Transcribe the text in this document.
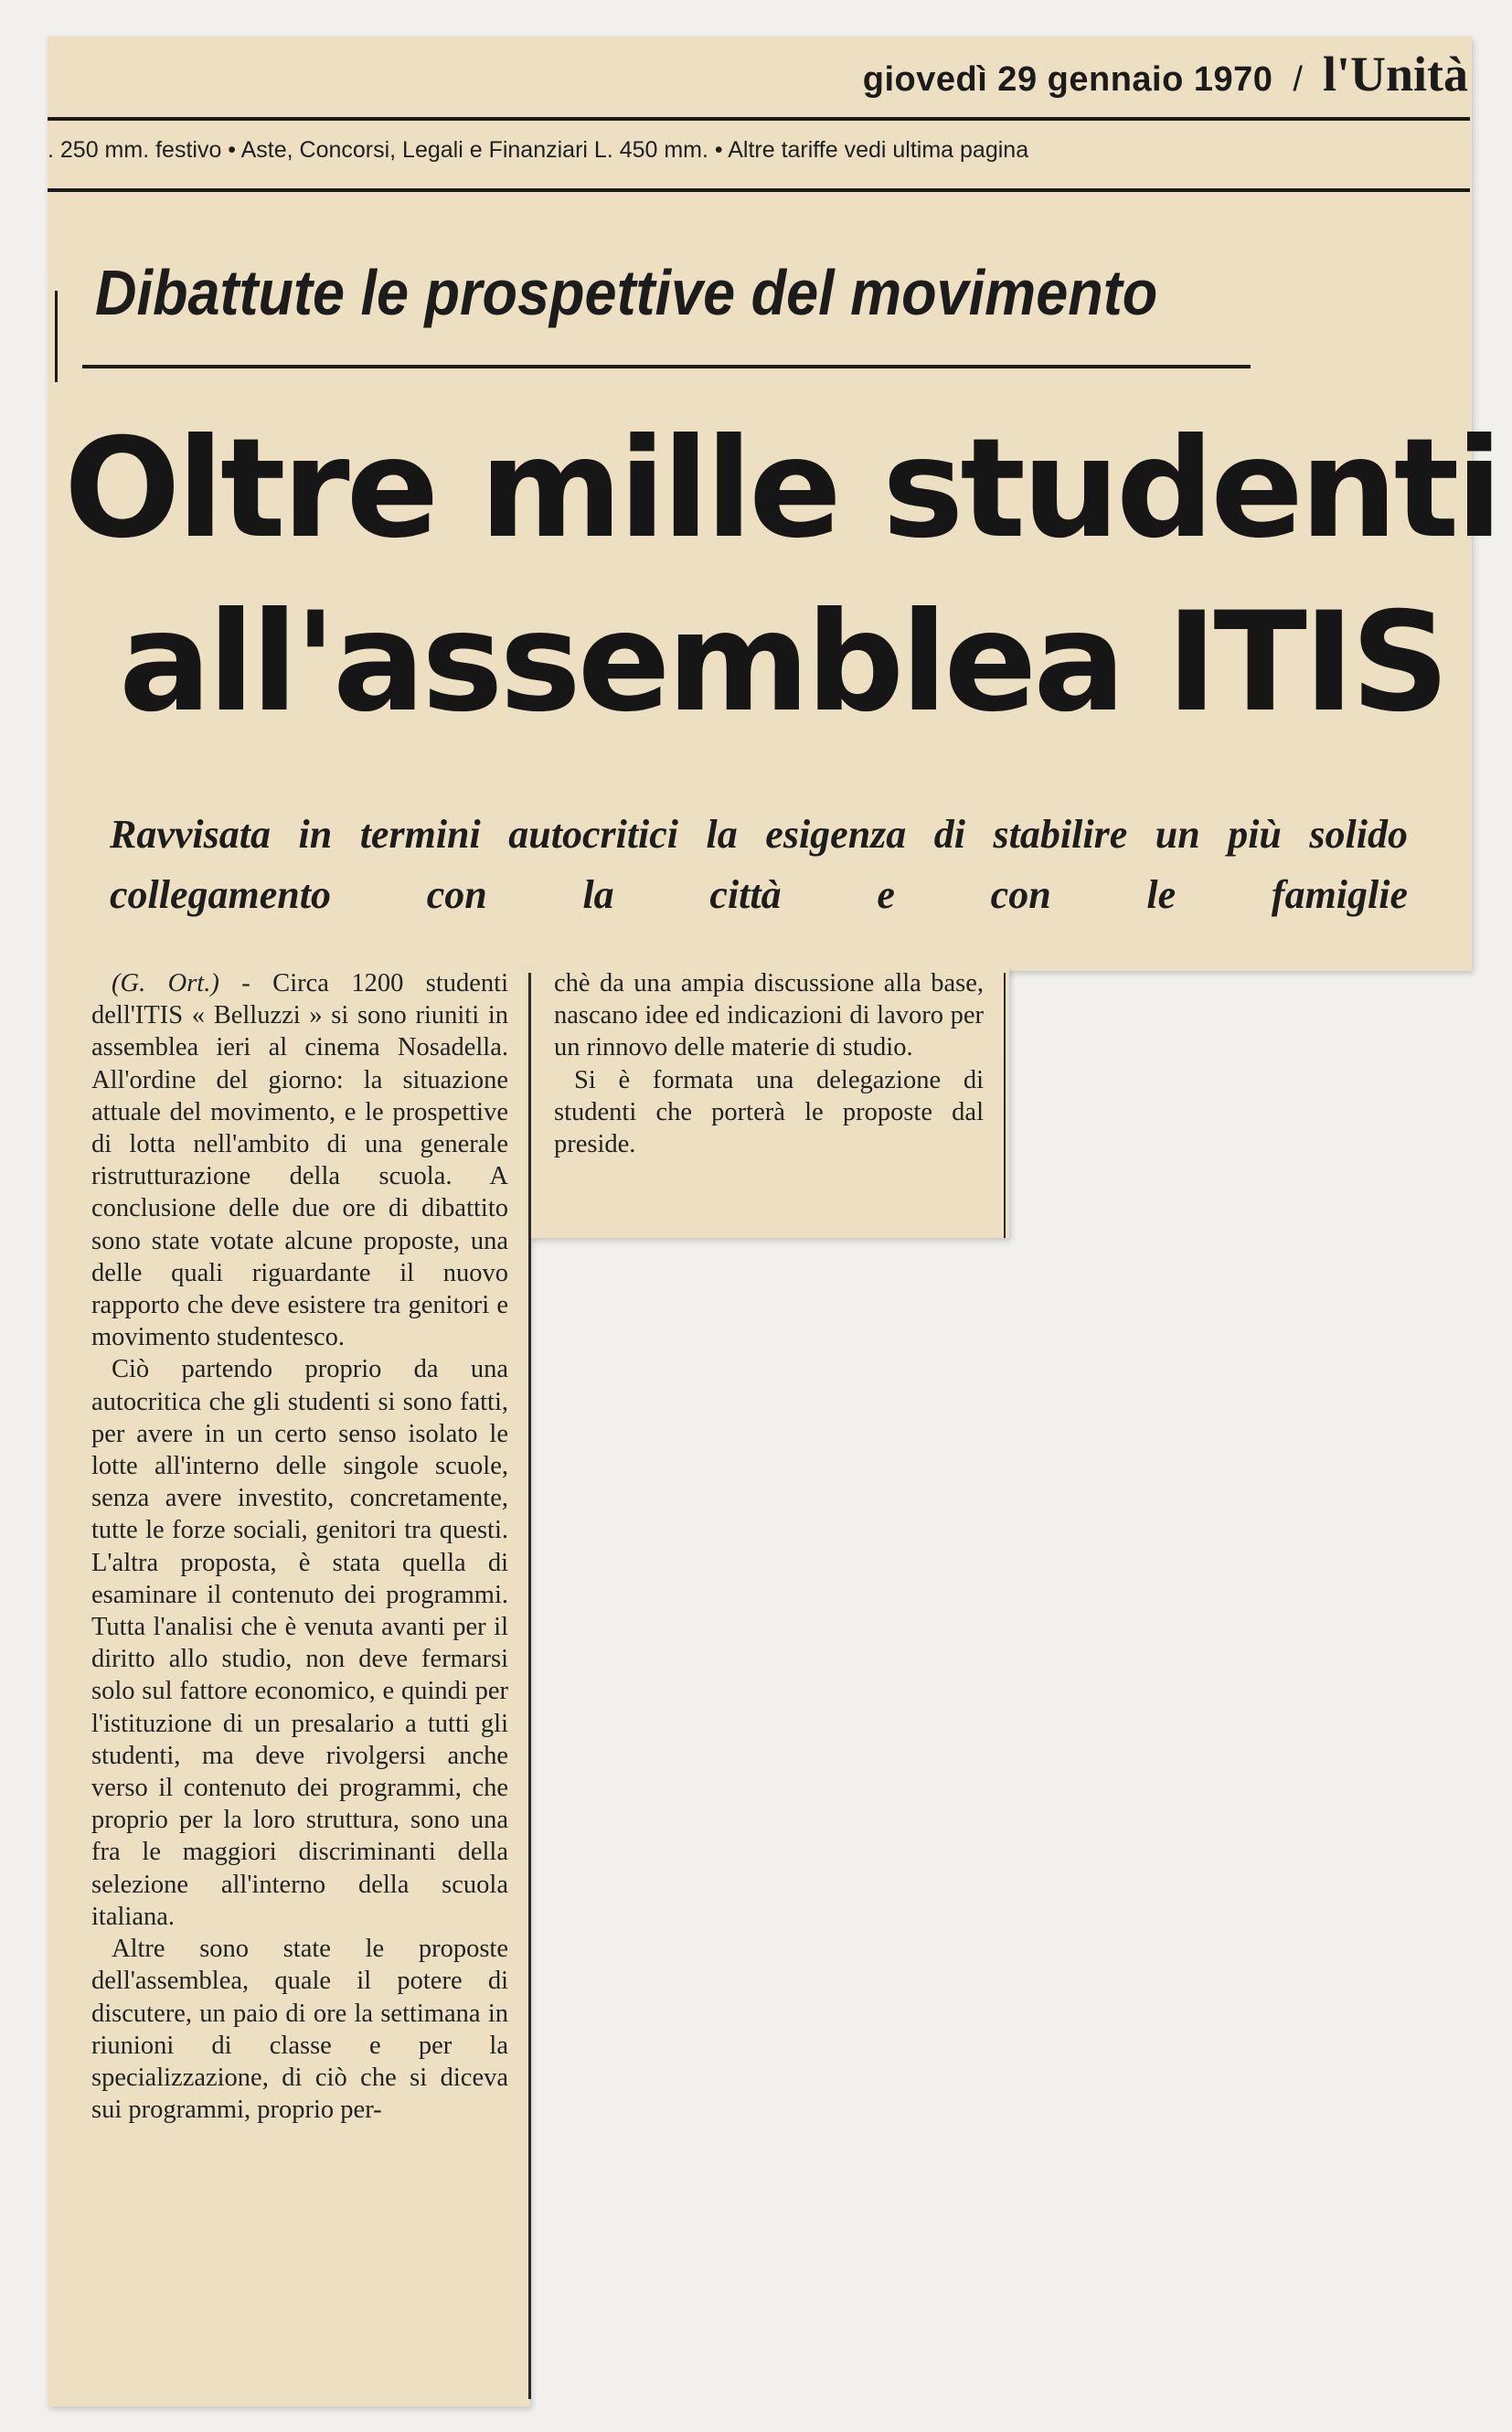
giovedì 29 gennaio 1970 / l'Unità
. 250 mm. festivo • Aste, Concorsi, Legali e Finanziari L. 450 mm. • Altre tariffe vedi ultima pagina
Dibattute le prospettive del movimento
Oltre mille studenti
all'assemblea ITIS
Ravvisata in termini autocritici la esigenza di stabilire un più solido collegamento con la città e con le famiglie

(G. Ort.) - Circa 1200 studenti dell'ITIS « Belluzzi » si sono riuniti in assemblea ieri al cinema Nosadella. All'ordine del giorno: la situazione attuale del movimento, e le prospettive di lotta nell'ambito di una generale ristrutturazione della scuola. A conclusione delle due ore di dibattito sono state votate alcune proposte, una delle quali riguardante il nuovo rapporto che deve esistere tra genitori e movimento studentesco.

Ciò partendo proprio da una autocritica che gli studenti si sono fatti, per avere in un certo senso isolato le lotte all'interno delle singole scuole, senza avere investito, concretamente, tutte le forze sociali, genitori tra questi. L'altra proposta, è stata quella di esaminare il contenuto dei programmi. Tutta l'analisi che è venuta avanti per il diritto allo studio, non deve fermarsi solo sul fattore economico, e quindi per l'istituzione di un presalario a tutti gli studenti, ma deve rivolgersi anche verso il contenuto dei programmi, che proprio per la loro struttura, sono una fra le maggiori discriminanti della selezione all'interno della scuola italiana.

Altre sono state le proposte dell'assemblea, quale il potere di discutere, un paio di ore la settimana in riunioni di classe e per la specializzazione, di ciò che si diceva sui programmi, proprio per-

chè da una ampia discussione alla base, nascano idee ed indicazioni di lavoro per un rinnovo delle materie di studio.

Si è formata una delegazione di studenti che porterà le proposte dal preside.
